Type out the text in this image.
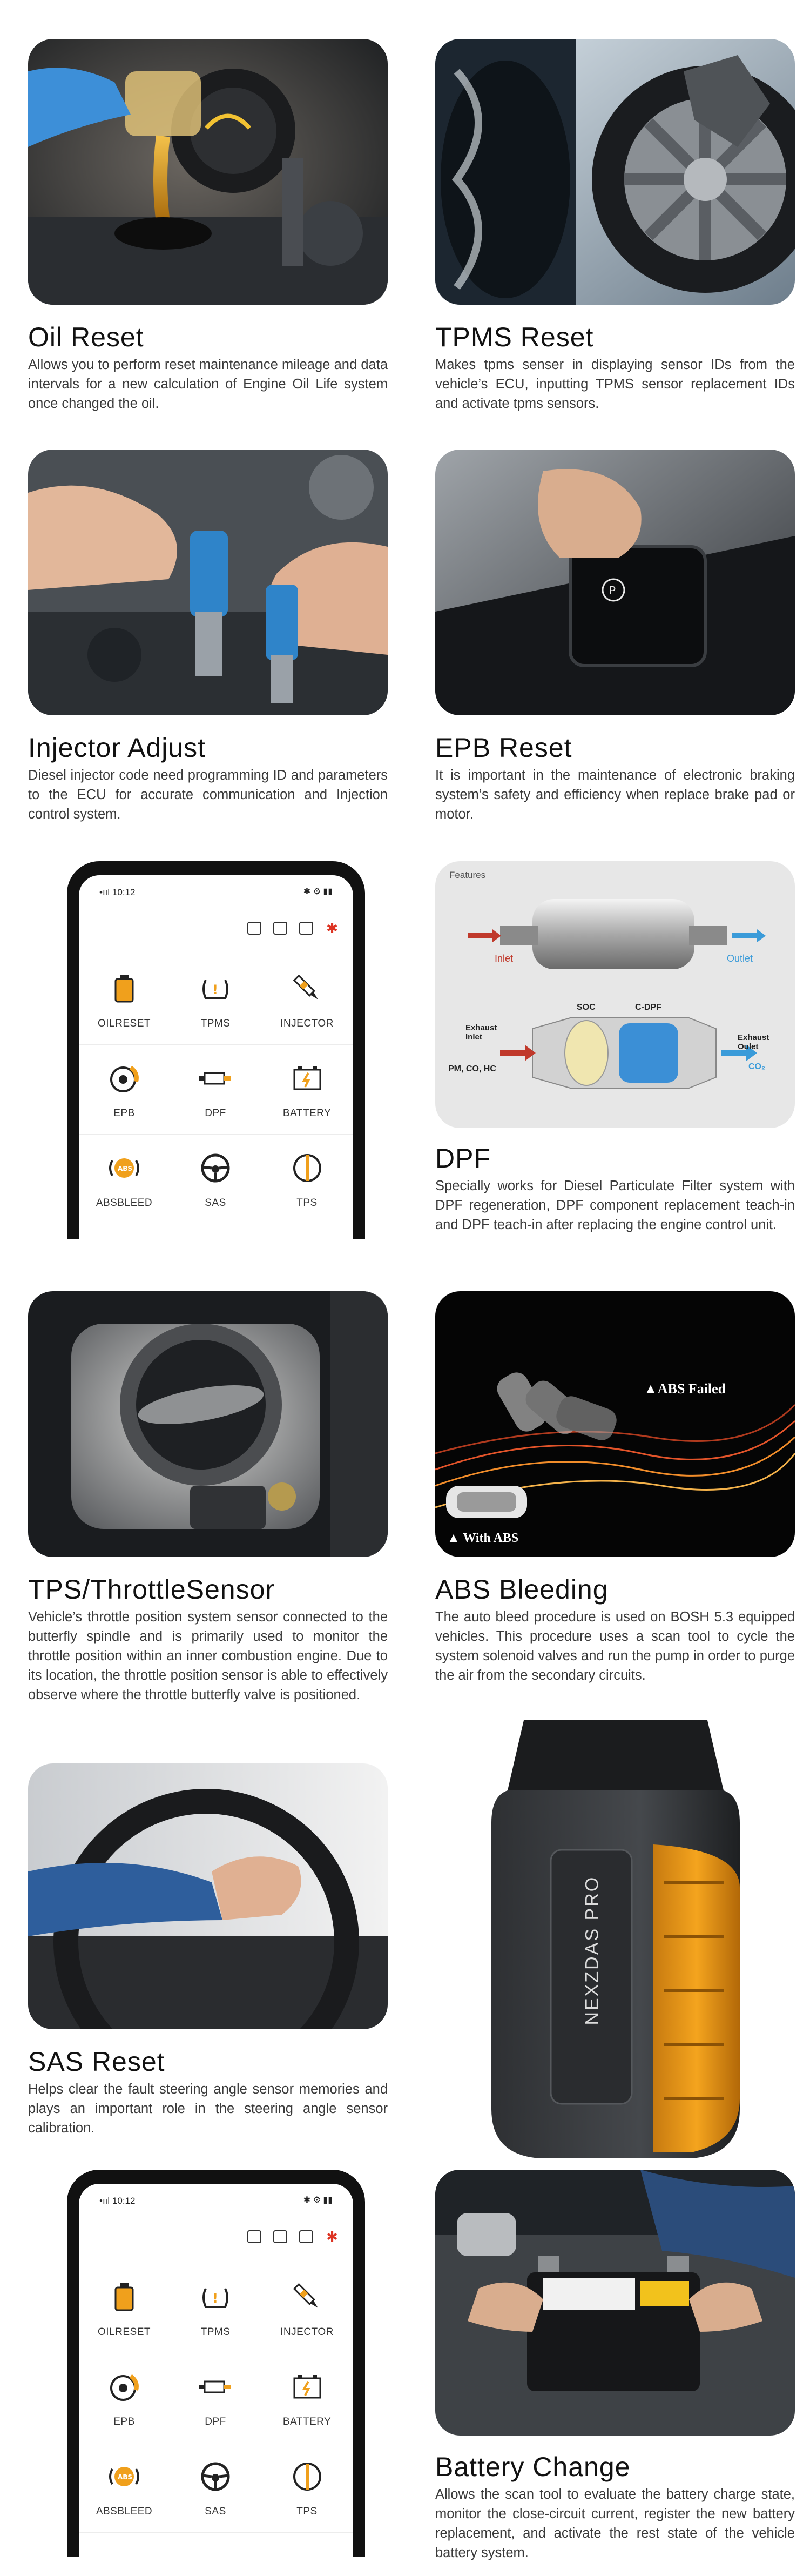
Oil Reset
Allows you to perform reset maintenance mileage and data intervals for a new calculation of Engine Oil Life system once changed the oil.
TPMS Reset
Makes tpms senser in displaying sensor IDs from the vehicle’s ECU, inputting TPMS sensor replacement IDs and activate tpms sensors.
P
Injector Adjust
Diesel injector code need programming ID and parameters to the ECU for accurate communication and Injection control system.
EPB Reset
It is important in the maintenance of electronic braking system’s safety and efficiency when replace brake pad or motor.
•ııl 10:12	✱ ⚙ ▮▮
✱
OILRESET
!
TPMS	INJECTOR
EPB	DPF	BATTERY
ABS
ABSBLEED	SAS	TPS
Features
Inlet	Outlet
SOC	C-DPF
Exhaust Inlet	Exhaust Oulet
PM, CO, HC	CO₂
DPF
Specially works for Diesel Particulate Filter system with DPF regeneration, DPF component replacement teach-in and DPF teach-in after replacing the engine control unit.
▲ABS Failed
▲ With ABS
TPS/ThrottleSensor
Vehicle’s throttle position system sensor connected to the butterfly spindle and is primarily used to monitor the throttle position within an inner combustion engine. Due to its location, the throttle position sensor is able to effectively observe where the throttle butterfly valve is positioned.
ABS Bleeding
The auto bleed procedure is used on BOSH 5.3 equipped vehicles. This procedure uses a scan tool to cycle the system solenoid valves and run the pump in order to purge the air from the secondary circuits.
NEXZDAS PRO
SAS Reset
Helps clear the fault steering angle sensor memories and plays an important role in the steering angle sensor calibration.
•ııl 10:12	✱ ⚙ ▮▮
✱
OILRESET
!
TPMS	INJECTOR
EPB	DPF	BATTERY
ABS
ABSBLEED	SAS	TPS
Battery Change
Allows the scan tool to evaluate the battery charge state, monitor the close-circuit current, register the new battery replacement, and activate the rest state of the vehicle battery system.
